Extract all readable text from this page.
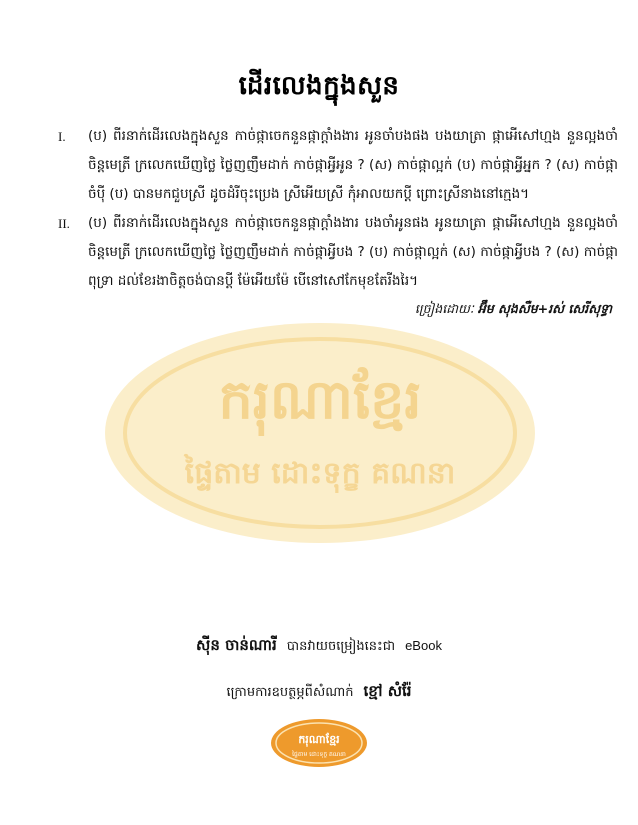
ករុណាខ្មែរ
ផ្ទៃតាម ដោះទុក្ខ គណនា
ដើរលេងក្នុងសួន
I.	(ប) ពីរនាក់ដើរលេងក្នុងសួន កាច់ផ្កាចេកនួនផ្កាក្ដាំងងារ អូនចាំបងផង បងយាត្រា ផ្កាអើសៅហ្មង នួនល្អងចាំចិន្តមេត្រី ក្រលេកឃើញថ្លៃ ថ្លៃញញឹមដាក់ កាច់ផ្កាអ្វីអូន ? (ស) កាច់ផ្កាល្អក់ (ប) កាច់ផ្កាអ្វីអ្នក ? (ស) កាច់ផ្កាចំប៉ី (ប) បានមកជួបស្រី ដូចដំរីចុះប្រេង ស្រីអើយស្រី កុំអាលយកប្ដី ព្រោះស្រីនាងនៅក្មេង។

II.	(ប) ពីរនាក់ដើរលេងក្នុងសួន កាច់ផ្កាចេកនួនផ្កាក្ដាំងងារ បងចាំអូនផង អូនយាត្រា ផ្កាអើសៅហ្មង នួនល្អងចាំចិន្តមេត្រី ក្រលេកឃើញថ្លៃ ថ្លៃញញឹមដាក់ កាច់ផ្កាអ្វីបង ? (ប) កាច់ផ្កាល្អក់ (ស) កាច់ផ្កាអ្វីបង ? (ស) កាច់ផ្កាពុទ្រា ដល់ខែរងាចិត្តចង់បានប្ដី ម៉ែអើយម៉ែ បើនៅសៅកែមុខតែរីងរៃ។

ច្រៀងដោយៈ អ៊ឹម សុងសឺម+រស់ សេរីសុទ្ធា
ស៊ីន ចាន់ណារី បានវាយចម្រៀងនេះជា eBook
ក្រោមការឧបត្ថម្ភពីសំណាក់ ខ្មៅ សំរ៉ែ
ករុណាខ្មែរ
ផ្ទៃតាម ដោះទុក្ខ គណនា
